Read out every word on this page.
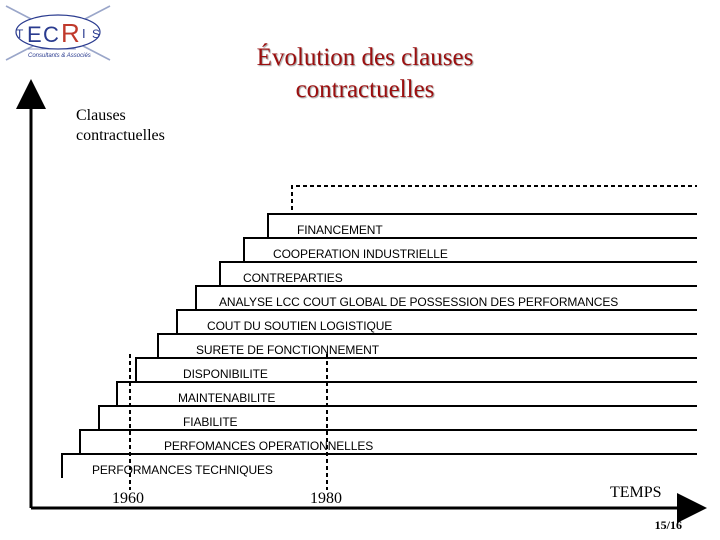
T E C R I S
Consultants & Associés	Évolution des clauses
contractuelles
Clauses
contractuelles
PERFORMANCES TECHNIQUES
PERFOMANCES OPERATIONNELLES
FIABILITE
MAINTENABILITE
DISPONIBILITE
SURETE DE FONCTIONNEMENT
COUT DU SOUTIEN LOGISTIQUE
ANALYSE LCC COUT GLOBAL DE POSSESSION DES PERFORMANCES
CONTREPARTIES
COOPERATION INDUSTRIELLE
FINANCEMENT
1960	1980	TEMPS
15/16
